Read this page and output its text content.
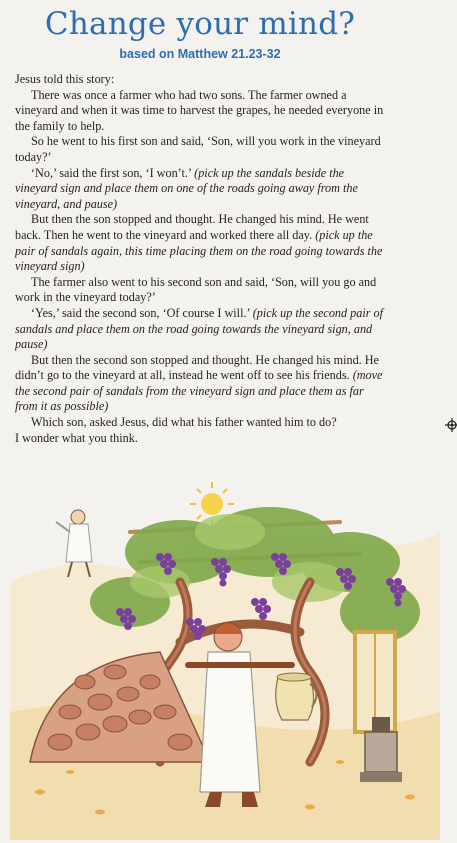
Change your mind?
based on Matthew 21.23-32

Jesus told this story:

There was once a farmer who had two sons. The farmer owned a vineyard and when it was time to harvest the grapes, he needed everyone in the family to help.

So he went to his first son and said, ‘Son, will you work in the vineyard today?’

‘No,’ said the first son, ‘I won’t.’ (pick up the sandals beside the vineyard sign and place them on one of the roads going away from the vineyard, and pause)

But then the son stopped and thought. He changed his mind. He went back. Then he went to the vineyard and worked there all day. (pick up the pair of sandals again, this time placing them on the road going towards the vineyard sign)

The farmer also went to his second son and said, ‘Son, will you go and work in the vineyard today?’

‘Yes,’ said the second son, ‘Of course I will.’ (pick up the second pair of sandals and place them on the road going towards the vineyard sign, and pause)

But then the second son stopped and thought. He changed his mind. He didn’t go to the vineyard at all, instead he went off to see his friends. (move the second pair of sandals from the vineyard sign and place them as far from it as possible)

Which son, asked Jesus, did what his father wanted him to do?

I wonder what you think.
